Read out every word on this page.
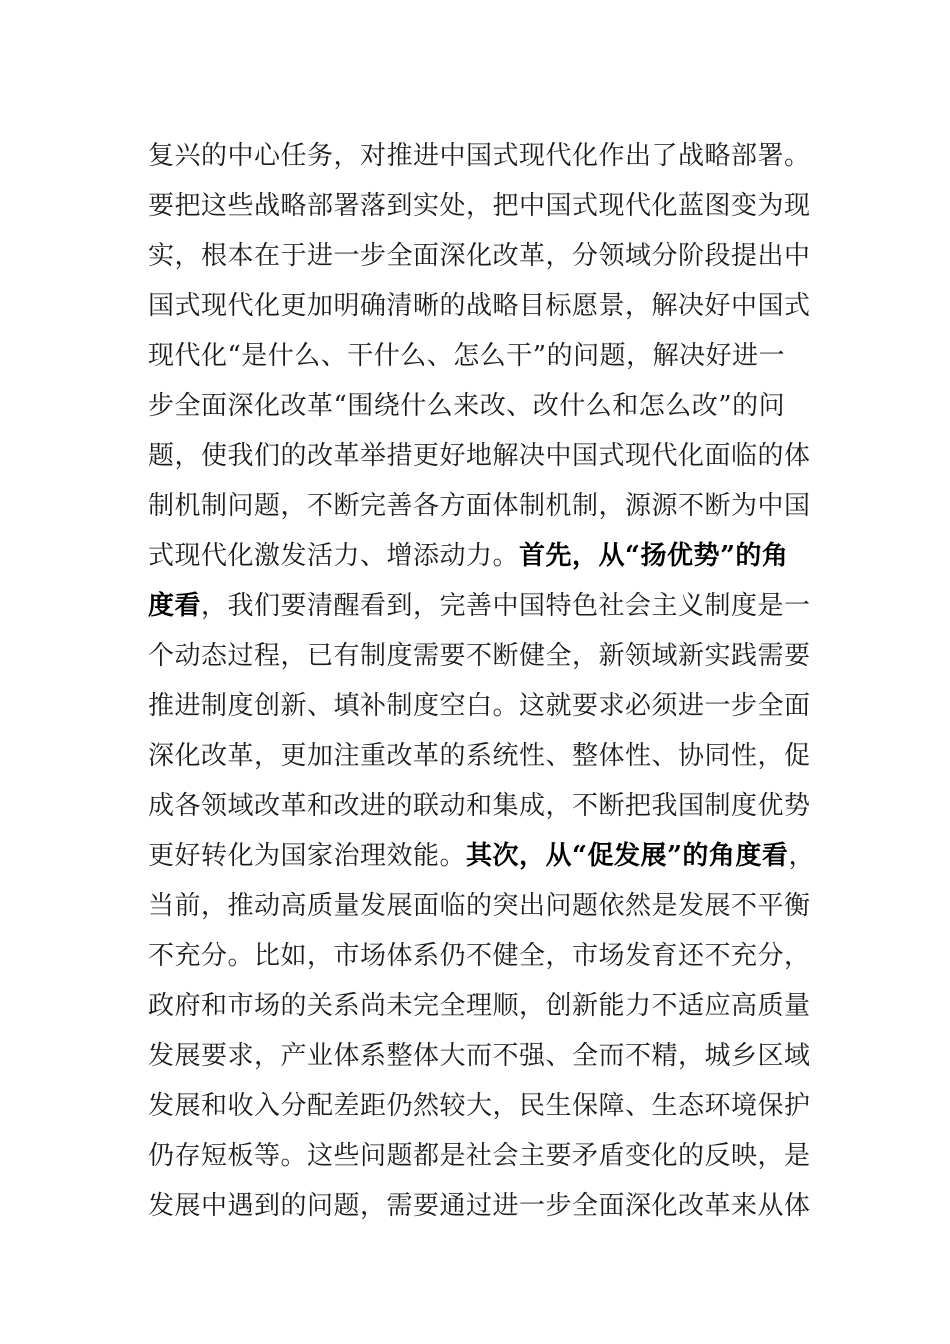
复兴的中心任务，对推进中国式现代化作出了战略部署。
要把这些战略部署落到实处，把中国式现代化蓝图变为现
实，根本在于进一步全面深化改革，分领域分阶段提出中
国式现代化更加明确清晰的战略目标愿景，解决好中国式
现代化“是什么、干什么、怎么干”的问题，解决好进一
步全面深化改革“围绕什么来改、改什么和怎么改”的问
题，使我们的改革举措更好地解决中国式现代化面临的体
制机制问题，不断完善各方面体制机制，源源不断为中国
式现代化激发活力、增添动力。首先，从“扬优势”的角
度看，我们要清醒看到，完善中国特色社会主义制度是一
个动态过程，已有制度需要不断健全，新领域新实践需要
推进制度创新、填补制度空白。这就要求必须进一步全面
深化改革，更加注重改革的系统性、整体性、协同性，促
成各领域改革和改进的联动和集成，不断把我国制度优势
更好转化为国家治理效能。其次，从“促发展”的角度看，
当前，推动高质量发展面临的突出问题依然是发展不平衡
不充分。比如，市场体系仍不健全，市场发育还不充分，
政府和市场的关系尚未完全理顺，创新能力不适应高质量
发展要求，产业体系整体大而不强、全而不精，城乡区域
发展和收入分配差距仍然较大，民生保障、生态环境保护
仍存短板等。这些问题都是社会主要矛盾变化的反映，是
发展中遇到的问题，需要通过进一步全面深化改革来从体
